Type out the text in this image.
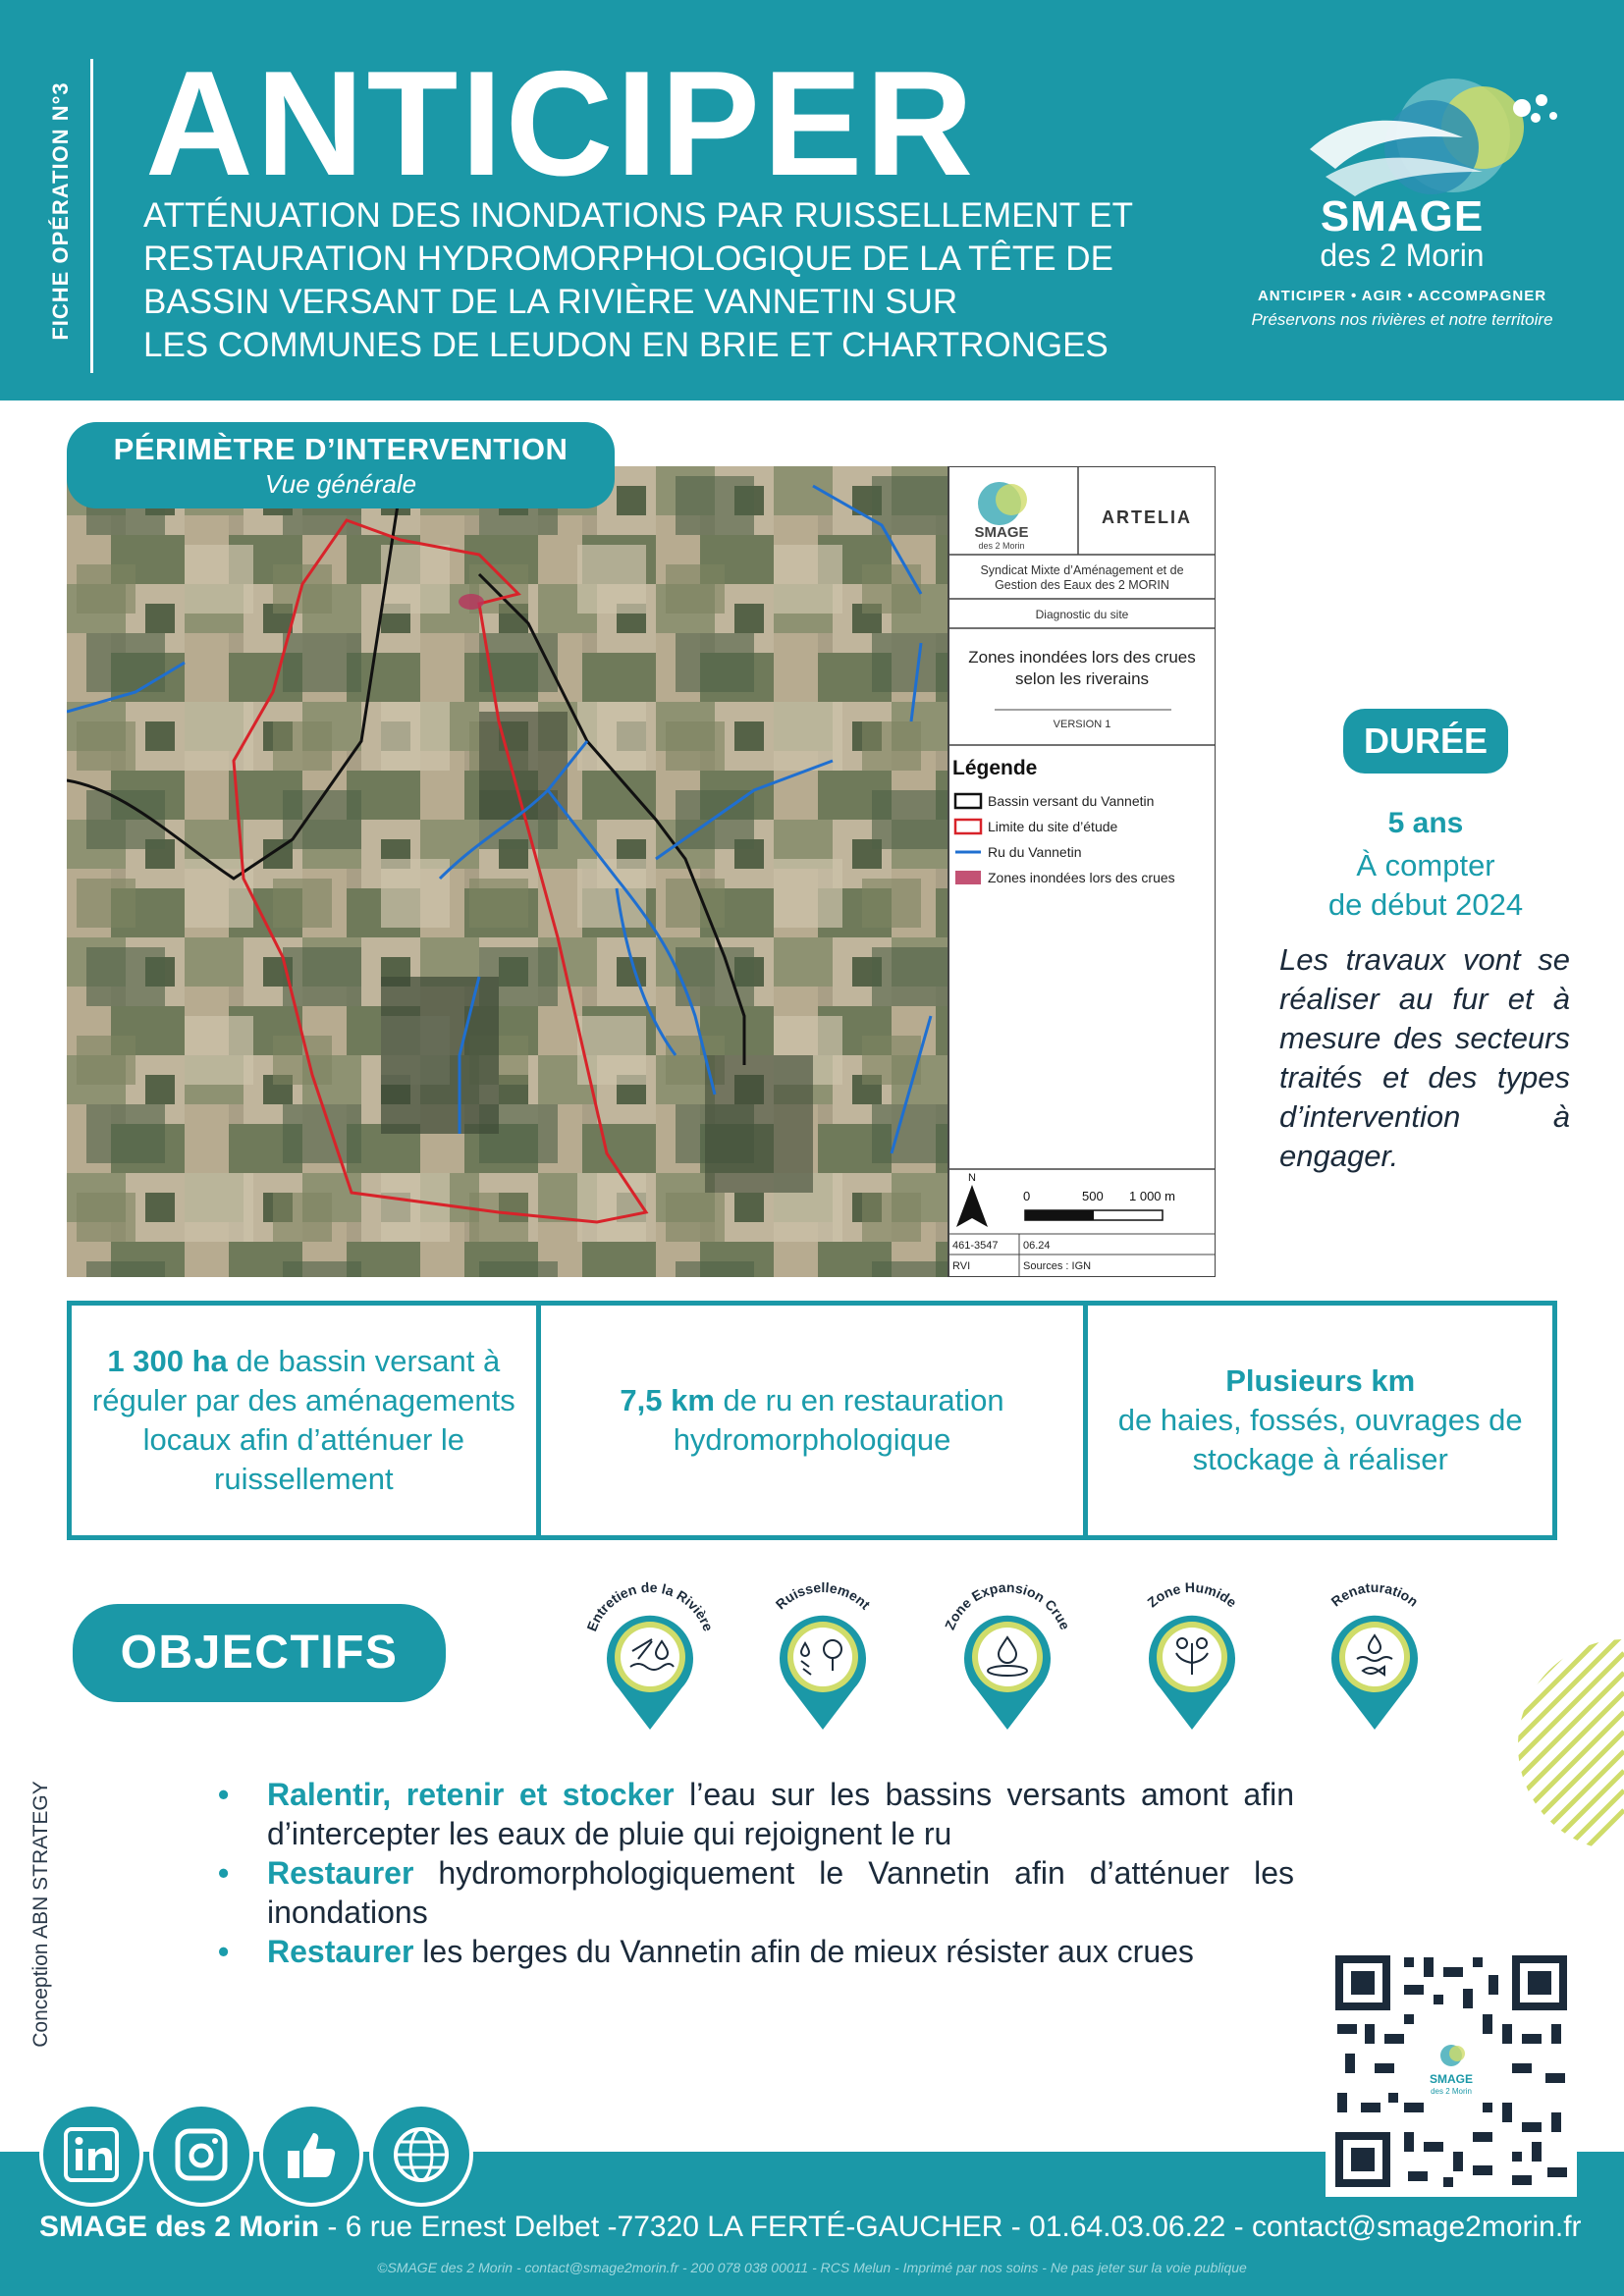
FICHE OPÉRATION N°3 ANTICIPER
ATTÉNUATION DES INONDATIONS PAR RUISSELLEMENT ET
RESTAURATION HYDROMORPHOLOGIQUE DE LA TÊTE DE
BASSIN VERSANT DE LA RIVIÈRE VANNETIN SUR
LES COMMUNES DE LEUDON EN BRIE ET CHARTRONGES
SMAGE
des 2 Morin
ANTICIPER • AGIR • ACCOMPAGNER
Préservons nos rivières et notre territoire
SMAGE
des 2 Morin
ARTELIA
Syndicat Mixte d’Aménagement et de
Gestion des Eaux des 2 MORIN
Diagnostic du site
Zones inondées lors des crues
selon les riverains
VERSION 1
Légende
Bassin versant du Vannetin
Limite du site d’étude
Ru du Vannetin
Zones inondées lors des crues
N
0	500 1 000 m
461-3547 06.24
RVI	Sources : IGN
PÉRIMÈTRE D’INTERVENTION
Vue générale
DURÉE
5 ans
À compter
de début 2024
Les travaux vont se réaliser au fur et à mesure des secteurs traités et des types d’intervention à engager.
1 300 ha de bassin versant à réguler par des aménagements locaux afin d’atténuer le ruissellement
7,5 km de ru en restauration hydromorphologique
Plusieurs km
de haies, fossés, ouvrages de stockage à réaliser
OBJECTIFS
Entretien de la Rivière
Ruissellement
Zone Expansion Crue
Zone Humide	Renaturation
• Ralentir, retenir et stocker l’eau sur les bassins versants amont afin d’intercepter les eaux de pluie qui rejoignent le ru
• Restaurer hydromorphologiquement le Vannetin afin d’atténuer les inondations
• Restaurer les berges du Vannetin afin de mieux résister aux crues
Conception ABN STRATEGY
SMAGE
des 2 Morin	En savoir +
SMAGE des 2 Morin - 6 rue Ernest Delbet -77320 LA FERTÉ-GAUCHER - 01.64.03.06.22 - contact@smage2morin.fr
©SMAGE des 2 Morin - contact@smage2morin.fr - 200 078 038 00011 - RCS Melun - Imprimé par nos soins - Ne pas jeter sur la voie publique
